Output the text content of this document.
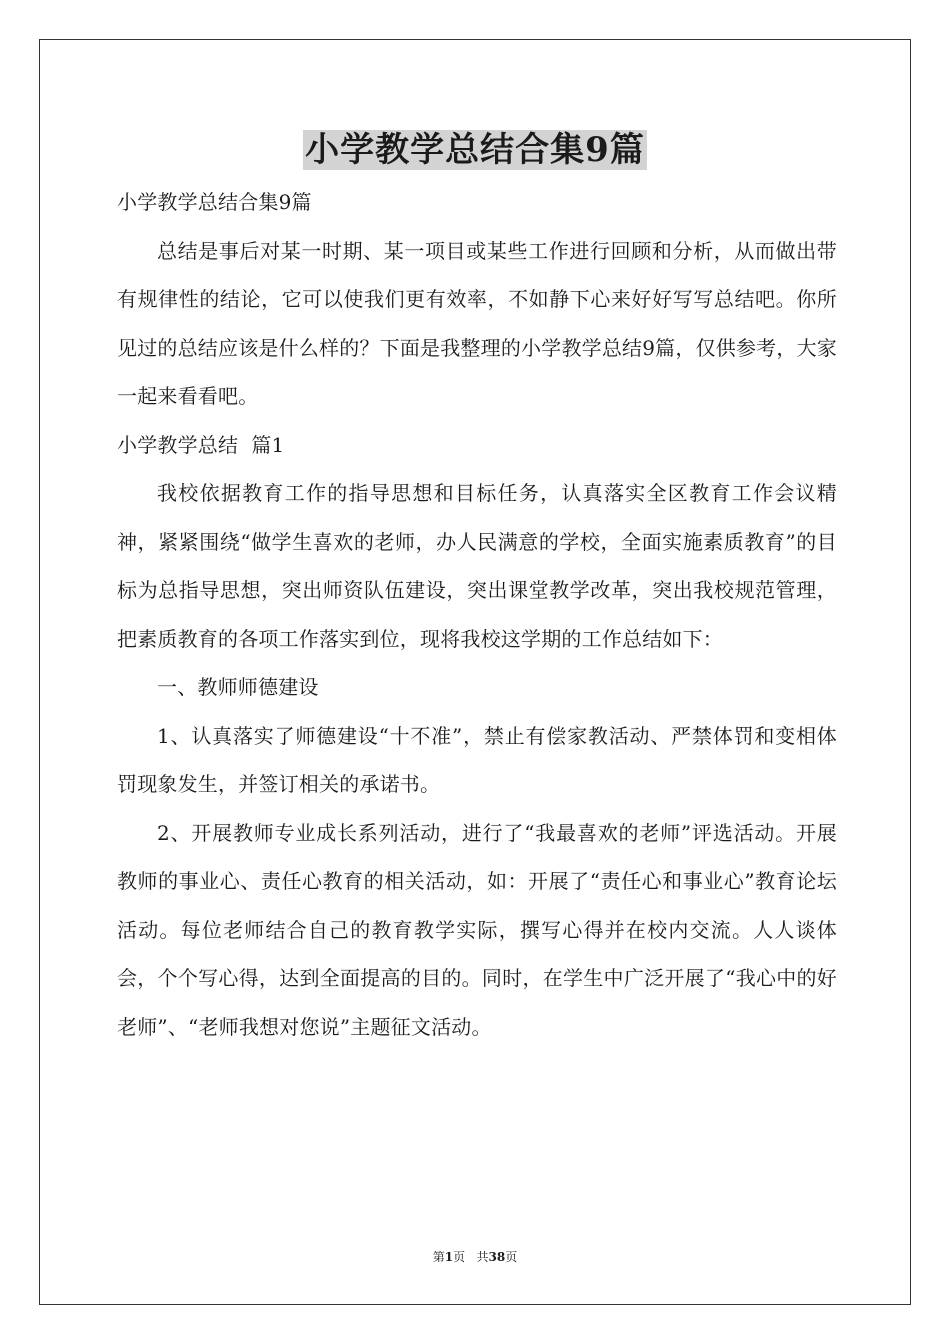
小学教学总结合集9篇

小学教学总结合集9篇

总结是事后对某一时期、某一项目或某些工作进行回顾和分析，从而做出带有规律性的结论，它可以使我们更有效率，不如静下心来好好写写总结吧。你所见过的总结应该是什么样的？下面是我整理的小学教学总结9篇，仅供参考，大家一起来看看吧。

小学教学总结  篇1

我校依据教育工作的指导思想和目标任务，认真落实全区教育工作会议精神，紧紧围绕“做学生喜欢的老师，办人民满意的学校，全面实施素质教育”的目标为总指导思想，突出师资队伍建设，突出课堂教学改革，突出我校规范管理，把素质教育的各项工作落实到位，现将我校这学期的工作总结如下：

一、教师师德建设

1、认真落实了师德建设“十不准”，禁止有偿家教活动、严禁体罚和变相体罚现象发生，并签订相关的承诺书。

2、开展教师专业成长系列活动，进行了“我最喜欢的老师”评选活动。开展教师的事业心、责任心教育的相关活动，如：开展了“责任心和事业心”教育论坛活动。每位老师结合自己的教育教学实际，撰写心得并在校内交流。人人谈体会，个个写心得，达到全面提高的目的。同时，在学生中广泛开展了“我心中的好老师”、“老师我想对您说”主题征文活动。

第1页   共38页
